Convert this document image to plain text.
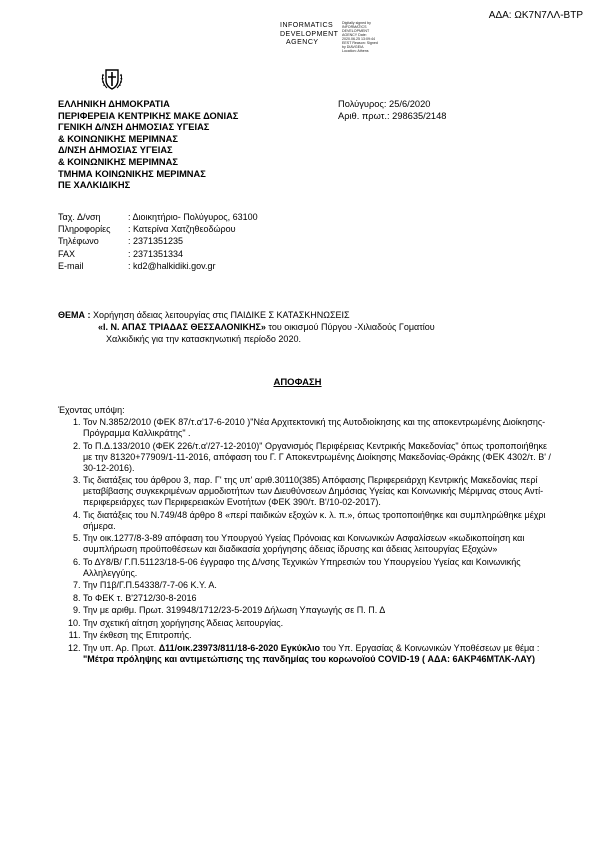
ΑΔΑ: ΩΚ7Ν7ΛΛ-ΒΤΡ
INFORMATICS
DEVELOPMENT
AGENCY
Digitally signed by INFORMATICS DEVELOPMENT AGENCY Date: 2020.06.25 13:09:44 EEST Reason: Signed by DIAVGEIA Location: Athens
ΕΛΛΗΝΙΚΗ ΔΗΜΟΚΡΑΤΙΑ
ΠΕΡΙΦΕΡΕΙΑ ΚΕΝΤΡΙΚΗΣ ΜΑΚΕ ΔΟΝΙΑΣ
ΓΕΝΙΚΗ Δ/ΝΣΗ ΔΗΜΟΣΙΑΣ ΥΓΕΙΑΣ
& ΚΟΙΝΩΝΙΚΗΣ ΜΕΡΙΜΝΑΣ
Δ/ΝΣΗ ΔΗΜΟΣΙΑΣ ΥΓΕΙΑΣ
& ΚΟΙΝΩΝΙΚΗΣ ΜΕΡΙΜΝΑΣ
ΤΜΗΜΑ ΚΟΙΝΩΝΙΚΗΣ ΜΕΡΙΜΝΑΣ
ΠΕ ΧΑΛΚΙΔΙΚΗΣ
Πολύγυρος: 25/6/2020
Αριθ. πρωτ.: 298635/2148
Ταχ. Δ/νση	: Διοικητήριο- Πολύγυρος, 63100
Πληροφορίες : Κατερίνα Χατζηθεοδώρου
Τηλέφωνο	: 2371351235
FAX	: 2371351334
E-mail	: kd2@halkidiki.gov.gr
ΘΕΜΑ : Χορήγηση άδειας λειτουργίας στις ΠΑΙΔΙΚΕ Σ ΚΑΤΑΣΚΗΝΩΣΕΙΣ
«Ι. Ν. ΑΠΑΣ ΤΡΙΑΔΑΣ ΘΕΣΣΑΛΟΝΙΚΗΣ» του οικισμού Πύργου -Χιλιαδούς Γοματίου
Χαλκιδικής για την κατασκηνωτική περίοδο 2020.
ΑΠΟΦΑΣΗ
Έχοντας υπόψη:
1. Τον Ν.3852/2010 (ΦΕΚ 87/τ.α'17-6-2010 )"Νέα Αρχιτεκτονική της Αυτοδιοίκησης και της αποκεντρωμένης Διοίκησης-Πρόγραμμα Καλλικράτης" .
2. Το Π.Δ.133/2010 (ΦΕΚ 226/τ.α'/27-12-2010)" Οργανισμός Περιφέρειας Κεντρικής Μακεδονίας" όπως τροποποιήθηκε με την 81320+77909/1-11-2016, απόφαση του Γ. Γ Αποκεντρωμένης Διοίκησης Μακεδονίας-Θράκης (ΦΕΚ 4302/τ. Β' / 30-12-2016).
3. Τις διατάξεις του άρθρου 3, παρ. Γ' της υπ' αριθ.30110(385) Απόφασης Περιφερειάρχη Κεντρικής Μακεδονίας περί μεταβίβασης συγκεκριμένων αρμοδιοτήτων των Διευθύνσεων Δημόσιας Υγείας και Κοινωνικής Μέριμνας στους Αντί-περιφερειάρχες των Περιφερειακών Ενοτήτων (ΦΕΚ 390/τ. Β'/10-02-2017).
4. Τις διατάξεις του Ν.749/48 άρθρο 8 «περί παιδικών εξοχών κ. λ. π.», όπως τροποποιήθηκε και συμπληρώθηκε μέχρι σήμερα.
5. Την οικ.1277/8-3-89 απόφαση του Υπουργού Υγείας Πρόνοιας και Κοινωνικών Ασφαλίσεων «κωδικοποίηση και συμπλήρωση προϋποθέσεων και διαδικασία χορήγησης άδειας ίδρυσης και άδειας λειτουργίας Εξοχών»
6. Το ΔΥ8/Β/ Γ.Π.51123/18-5-06 έγγραφο της Δ/νσης Τεχνικών Υπηρεσιών του Υπουργείου Υγείας και Κοινωνικής Αλληλεγγύης.
7. Την Π1β/Γ.Π.54338/7-7-06 Κ.Υ. Α.
8. Το ΦΕΚ τ. Β'2712/30-8-2016
9. Την με αριθμ. Πρωτ. 319948/1712/23-5-2019 Δήλωση Υπαγωγής σε Π. Π. Δ
10. Την σχετική αίτηση χορήγησης Άδειας λειτουργίας.
11. Την έκθεση της Επιτροπής.
12. Την υπ. Αρ. Πρωτ. Δ11/οικ.23973/811/18-6-2020 Εγκύκλιο του Υπ. Εργασίας & Κοινωνικών Υποθέσεων με θέμα : "Μέτρα πρόληψης και αντιμετώπισης της πανδημίας του κορωνοϊού COVID-19 ( ΑΔΑ: 6ΑΚΡ46ΜΤΛΚ-ΛΑΥ)
